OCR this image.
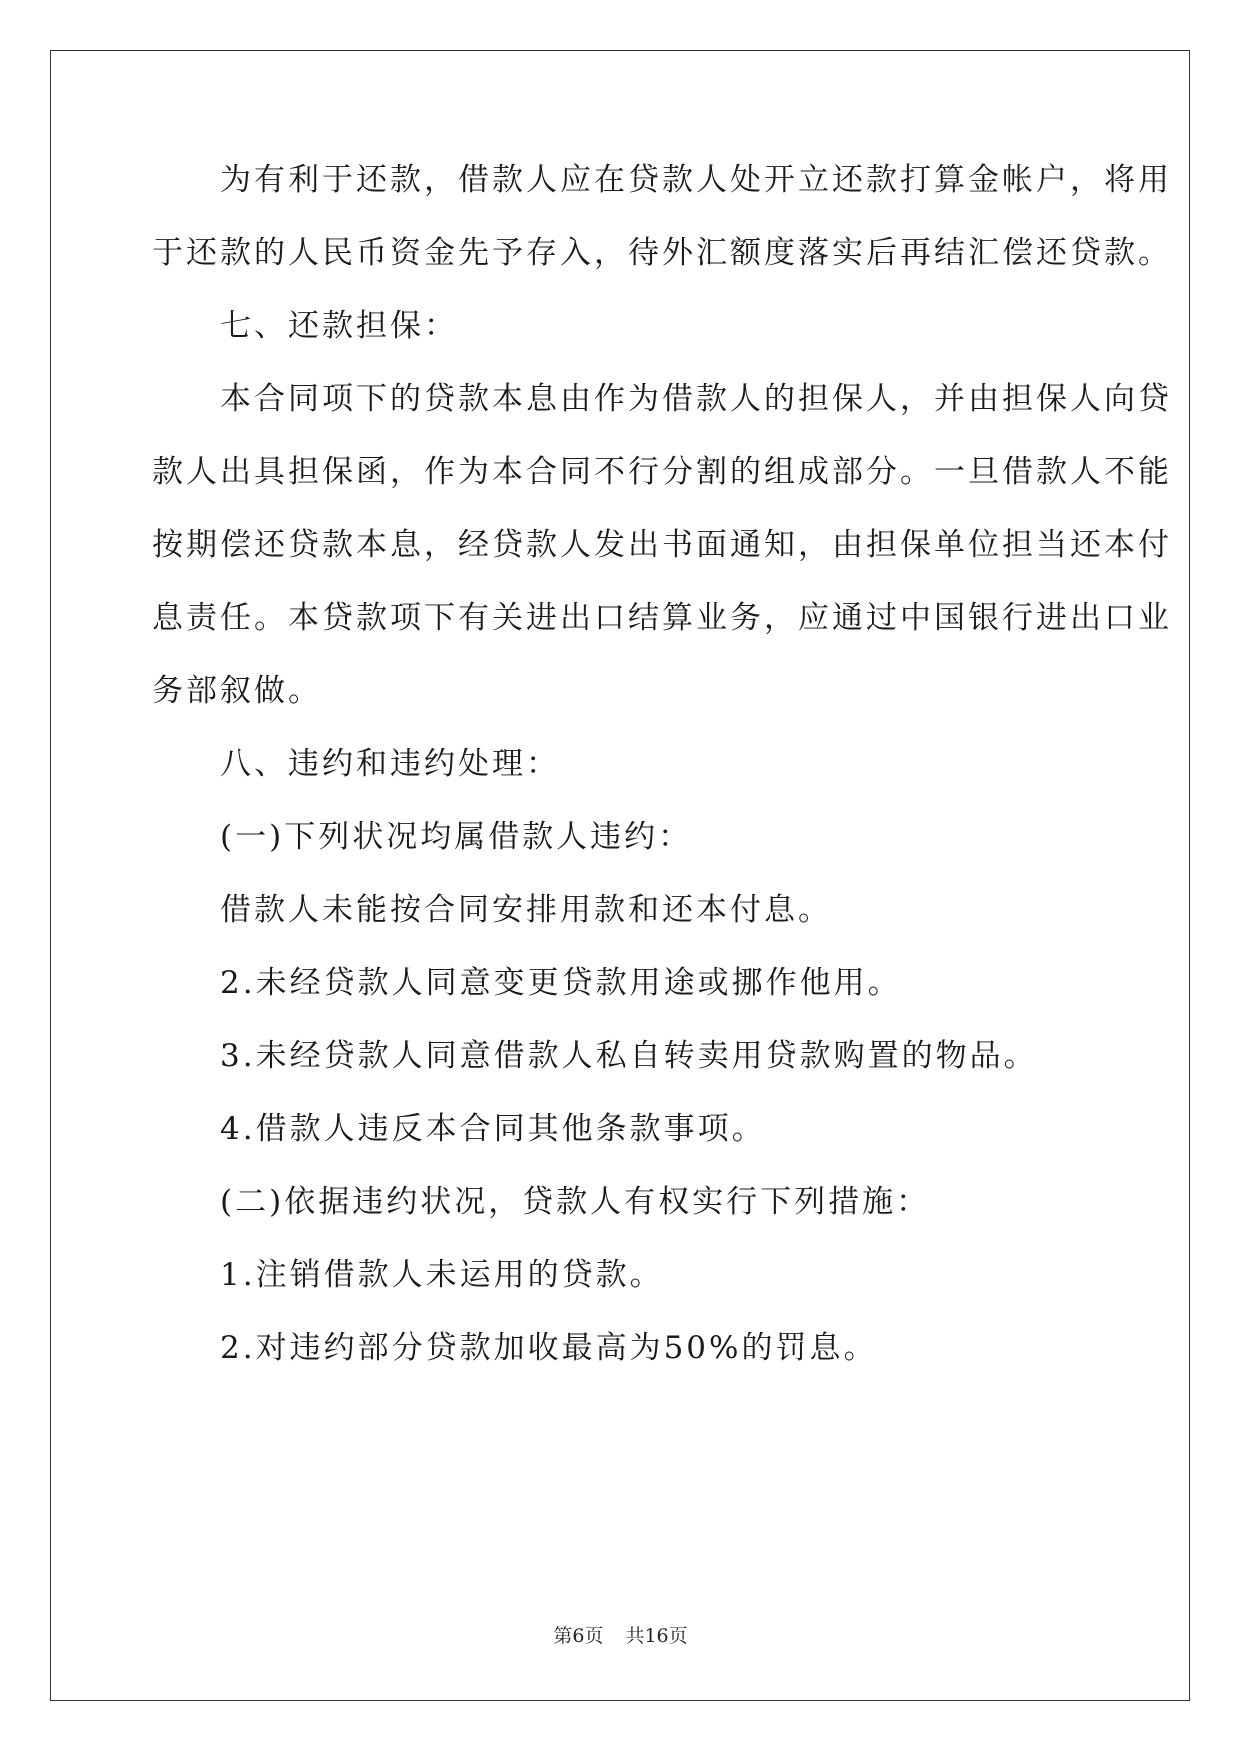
　　为有利于还款，借款人应在贷款人处开立还款打算金帐户，将用
于还款的人民币资金先予存入，待外汇额度落实后再结汇偿还贷款。
　　七、还款担保：
　　本合同项下的贷款本息由作为借款人的担保人，并由担保人向贷
款人出具担保函，作为本合同不行分割的组成部分。一旦借款人不能
按期偿还贷款本息，经贷款人发出书面通知，由担保单位担当还本付
息责任。本贷款项下有关进出口结算业务，应通过中国银行进出口业
务部叙做。
　　八、违约和违约处理：
　　(一)下列状况均属借款人违约：
　　借款人未能按合同安排用款和还本付息。
　　2.未经贷款人同意变更贷款用途或挪作他用。
　　3.未经贷款人同意借款人私自转卖用贷款购置的物品。
　　4.借款人违反本合同其他条款事项。
　　(二)依据违约状况，贷款人有权实行下列措施：
　　1.注销借款人未运用的贷款。
　　2.对违约部分贷款加收最高为50%的罚息。
第6页 共16页
